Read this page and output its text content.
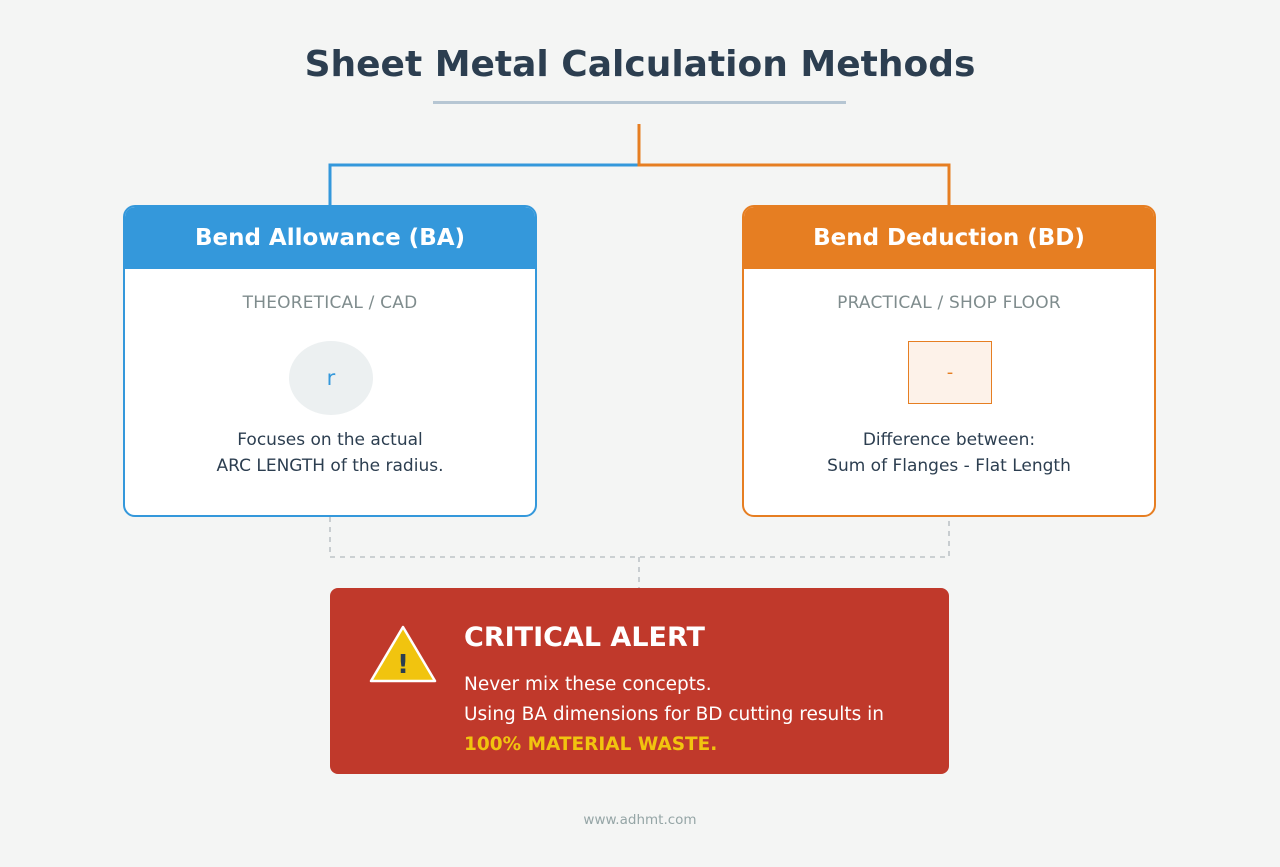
Sheet Metal Calculation Methods
Bend Allowance (BA)
THEORETICAL / CAD
r
Focuses on the actual
ARC LENGTH of the radius.
Bend Deduction (BD)
PRACTICAL / SHOP FLOOR
-
Difference between:
Sum of Flanges - Flat Length
!
CRITICAL ALERT
Never mix these concepts.
Using BA dimensions for BD cutting results in
100% MATERIAL WASTE.
www.adhmt.com
